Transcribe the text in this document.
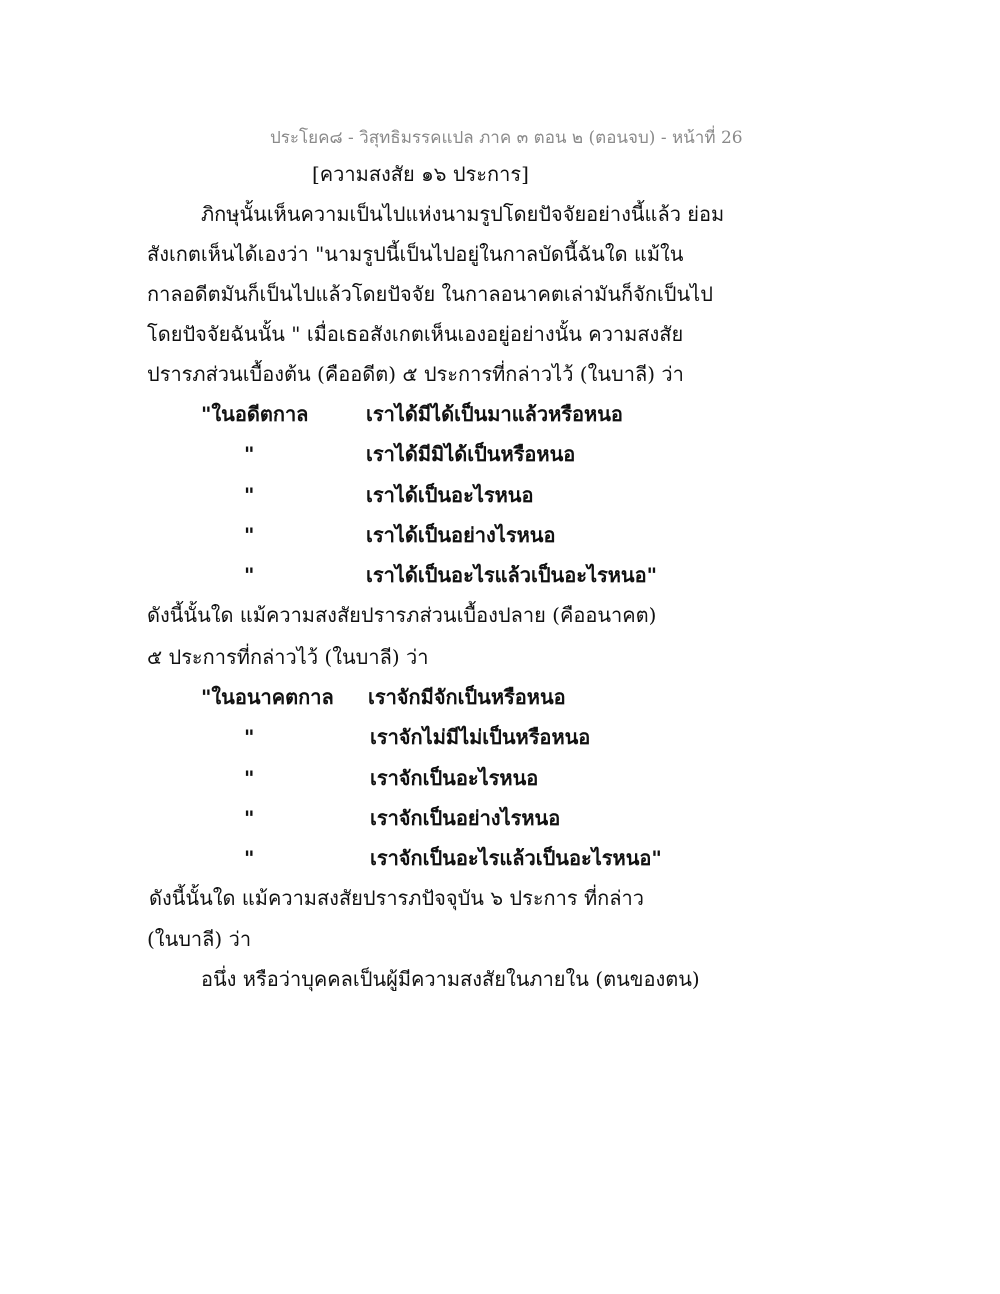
ประโยค๘ - วิสุทธิมรรคแปล ภาค ๓ ตอน ๒ (ตอนจบ) - หน้าที่ 26
[ความสงสัย ๑๖ ประการ]
ภิกษุนั้นเห็นความเป็นไปแห่งนามรูปโดยปัจจัยอย่างนี้แล้ว ย่อม
สังเกตเห็นได้เองว่า "นามรูปนี้เป็นไปอยู่ในกาลบัดนี้ฉันใด แม้ใน
กาลอดีตมันก็เป็นไปแล้วโดยปัจจัย ในกาลอนาคตเล่ามันก็จักเป็นไป
โดยปัจจัยฉันนั้น " เมื่อเธอสังเกตเห็นเองอยู่อย่างนั้น ความสงสัย
ปรารภส่วนเบื้องต้น (คืออดีต) ๕ ประการที่กล่าวไว้ (ในบาลี) ว่า
"ในอดีตกาล	เราได้มีได้เป็นมาแล้วหรือหนอ
"	เราได้มีมิได้เป็นหรือหนอ
"	เราได้เป็นอะไรหนอ
"	เราได้เป็นอย่างไรหนอ
"	เราได้เป็นอะไรแล้วเป็นอะไรหนอ"
ดังนี้นั้นใด แม้ความสงสัยปรารภส่วนเบื้องปลาย (คืออนาคต)
๕ ประการที่กล่าวไว้ (ในบาลี) ว่า
"ในอนาคตกาล เราจักมีจักเป็นหรือหนอ
"	เราจักไม่มีไม่เป็นหรือหนอ
"	เราจักเป็นอะไรหนอ
"	เราจักเป็นอย่างไรหนอ
"	เราจักเป็นอะไรแล้วเป็นอะไรหนอ"
ดังนี้นั้นใด แม้ความสงสัยปรารภปัจจุบัน ๖ ประการ ที่กล่าว
(ในบาลี) ว่า
อนึ่ง หรือว่าบุคคลเป็นผู้มีความสงสัยในภายใน (ตนของตน)
